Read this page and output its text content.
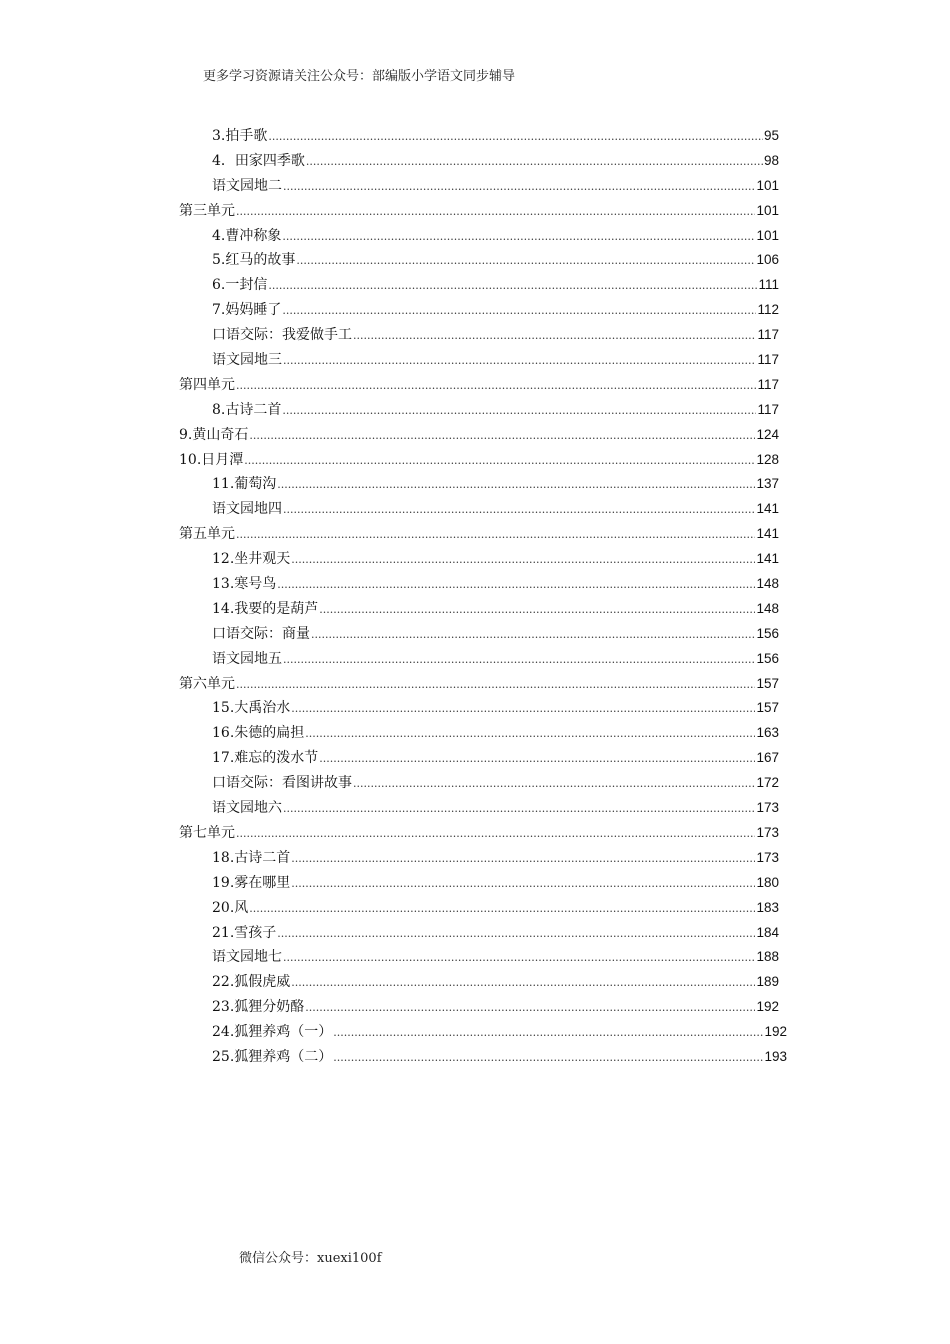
更多学习资源请关注公众号：部编版小学语文同步辅导
3.拍手歌 .....	95
4．田家四季歌 .....	98
语文园地二 .....	101
第三单元 .....	101
4.曹冲称象 .....	101
5.红马的故事 .....	106
6.一封信 .....	111
7.妈妈睡了 .....	112
口语交际：我爱做手工 .....	117
语文园地三 .....	117
第四单元 .....	117
8.古诗二首 .....	117
9.黄山奇石 .....	124
10.日月潭 .....	128
11.葡萄沟 .....	137
语文园地四 .....	141
第五单元 .....	141
12.坐井观天 .....	141
13.寒号鸟 .....	148
14.我要的是葫芦 .....	148
口语交际：商量 .....	156
语文园地五 .....	156
第六单元 .....	157
15.大禹治水 .....	157
16.朱德的扁担 .....	163
17.难忘的泼水节 .....	167
口语交际：看图讲故事 .....	172
语文园地六 .....	173
第七单元 .....	173
18.古诗二首 .....	173
19.雾在哪里 .....	180
20.风 .....	183
21.雪孩子 .....	184
语文园地七 .....	188
22.狐假虎威 .....	189
23.狐狸分奶酪 .....	192
24.狐狸养鸡（一） .....	192
25.狐狸养鸡（二） .....	193
微信公众号：xuexi100f
